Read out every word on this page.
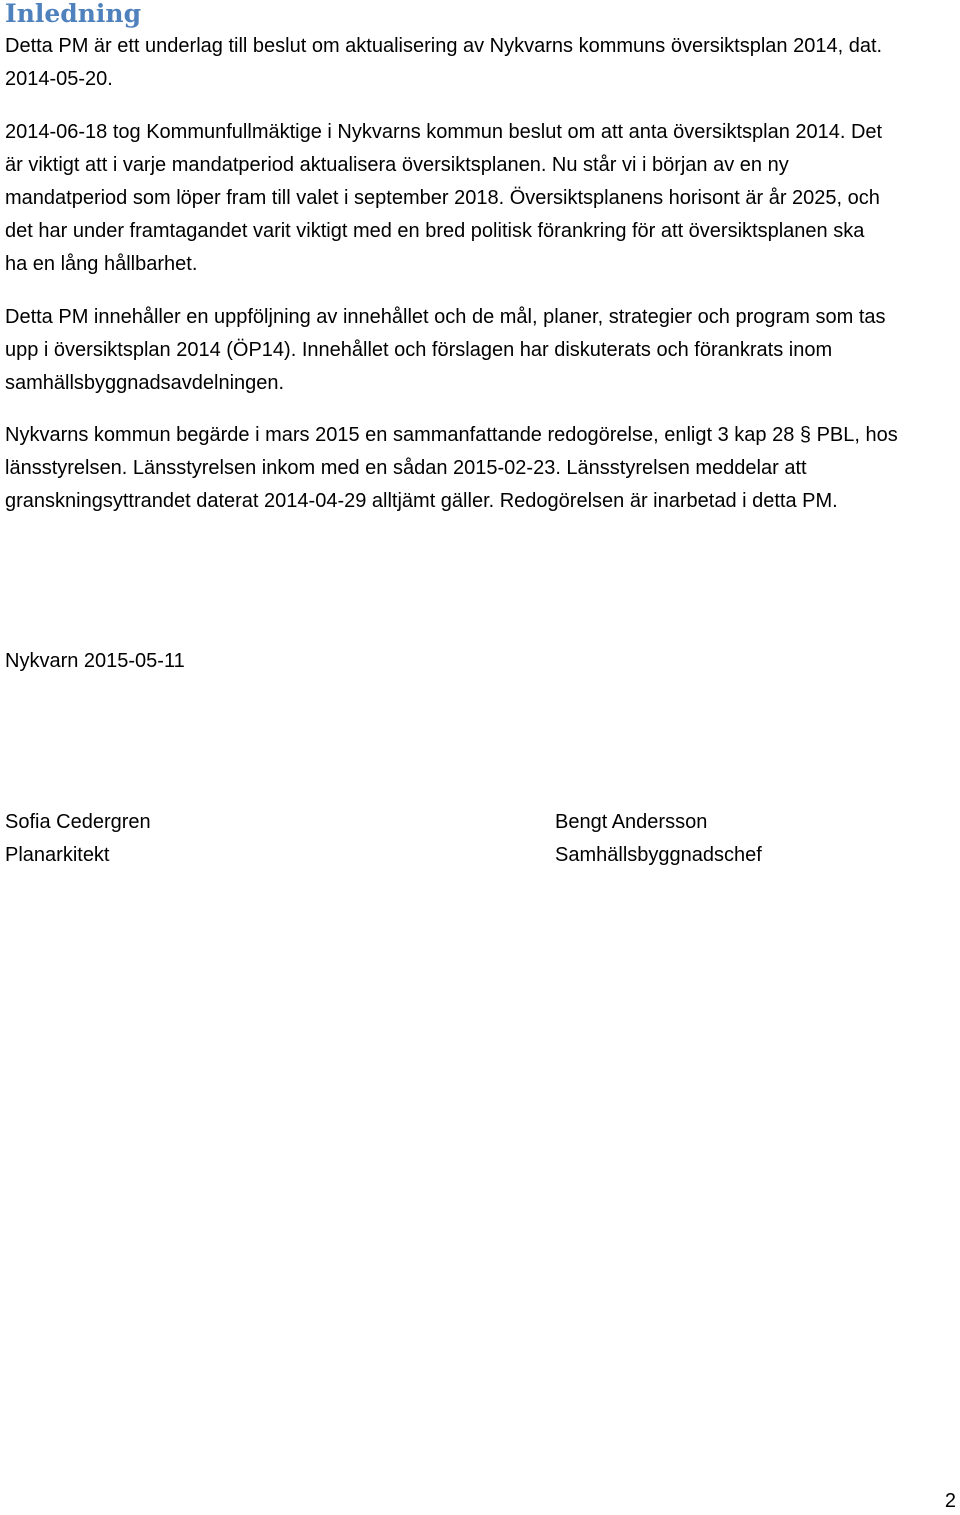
Inledning

Detta PM är ett underlag till beslut om aktualisering av Nykvarns kommuns översiktsplan 2014, dat.
2014-05-20.

2014-06-18 tog Kommunfullmäktige i Nykvarns kommun beslut om att anta översiktsplan 2014. Det
är viktigt att i varje mandatperiod aktualisera översiktsplanen. Nu står vi i början av en ny
mandatperiod som löper fram till valet i september 2018. Översiktsplanens horisont är år 2025, och
det har under framtagandet varit viktigt med en bred politisk förankring för att översiktsplanen ska
ha en lång hållbarhet.

Detta PM innehåller en uppföljning av innehållet och de mål, planer, strategier och program som tas
upp i översiktsplan 2014 (ÖP14). Innehållet och förslagen har diskuterats och förankrats inom
samhällsbyggnadsavdelningen.

Nykvarns kommun begärde i mars 2015 en sammanfattande redogörelse, enligt 3 kap 28 § PBL, hos
länsstyrelsen. Länsstyrelsen inkom med en sådan 2015-02-23. Länsstyrelsen meddelar att
granskningsyttrandet daterat 2014-04-29 alltjämt gäller. Redogörelsen är inarbetad i detta PM.

Nykvarn 2015-05-11

Sofia Cedergren
Planarkitekt
Bengt Andersson
Samhällsbyggnadschef
2
